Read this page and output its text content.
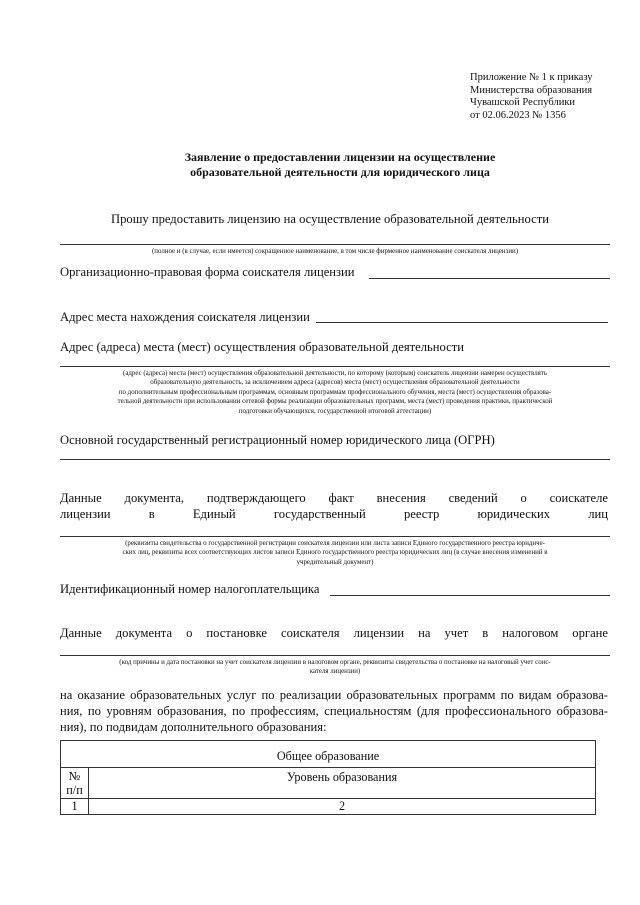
Приложение № 1 к приказу
Министерства образования
Чувашской Республики
от 02.06.2023 № 1356
Заявление о предоставлении лицензии на осуществление
образовательной деятельности для юридического лица
Прошу предоставить лицензию на осуществление образовательной деятельности
(полное и (в случае, если имеется) сокращенное наименование, в том числе фирменное наименование соискателя лицензии)
Организационно-правовая форма соискателя лицензии
Адрес места нахождения соискателя лицензии
Адрес (адреса) места (мест) осуществления образовательной деятельности
(адрес (адреса) места (мест) осуществления образовательной деятельности, по которому (которым) соискатель лицензии намерен осуществлять
образовательную деятельность, за исключением адреса (адресов) места (мест) осуществления образовательной деятельности
по дополнительным профессиональным программам, основным программам профессионального обучения, места (мест) осуществления образова-
тельной деятельности при использовании сетевой формы реализации образовательных программ, места (мест) проведения практики, практической
подготовки обучающихся, государственной итоговой аттестации)
Основной государственный регистрационный номер юридического лица (ОГРН)
Данные документа, подтверждающего факт внесения сведений о соискателе
лицензии в Единый государственный реестр юридических лиц
(реквизиты свидетельства о государственной регистрации соискателя лицензии или листа записи Единого государственного реестра юридиче-
ских лиц, реквизиты всех соответствующих листов записи Единого государственного реестра юридических лиц (в случае внесения изменений в
учредительный документ)
Идентификационный номер налогоплательщика
Данные документа о постановке соискателя лицензии на учет в налоговом органе
(код причины и дата постановки на учет соискателя лицензии в налоговом органе, реквизиты свидетельства о постановке на налоговый учет соис-
кателя лицензии)
на оказание образовательных услуг по реализации образовательных программ по видам образова-
ния, по уровням образования, по профессиям, специальностям (для профессионального образова-
ния), по подвидам дополнительного образования:
Общее образование	

№
п/п	Уровень образования
1	2
